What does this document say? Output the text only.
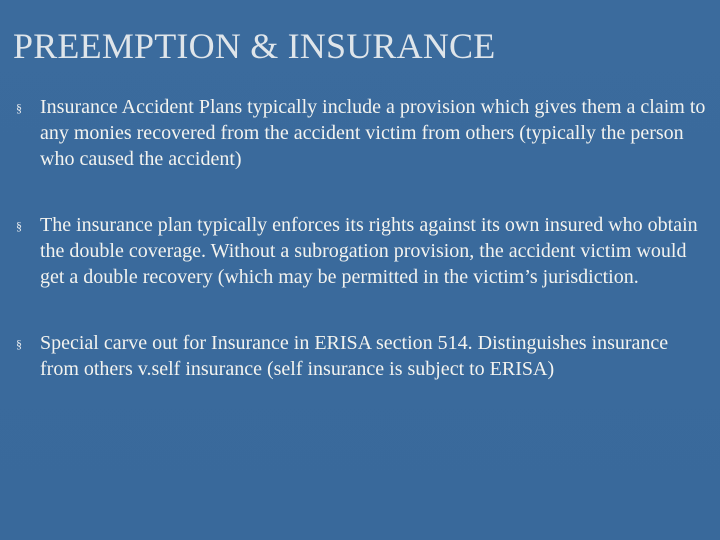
PREEMPTION & INSURANCE
§ Insurance Accident Plans typically include a provision which gives them a claim to any monies recovered from the accident victim from others (typically the person who caused the accident)
§ The insurance plan typically enforces its rights against its own insured who obtain the double coverage. Without a subrogation provision, the accident victim would get a double recovery (which may be permitted in the victim’s jurisdiction.
§ Special carve out for Insurance in ERISA section 514. Distinguishes insurance from others v.self insurance (self insurance is subject to ERISA)
